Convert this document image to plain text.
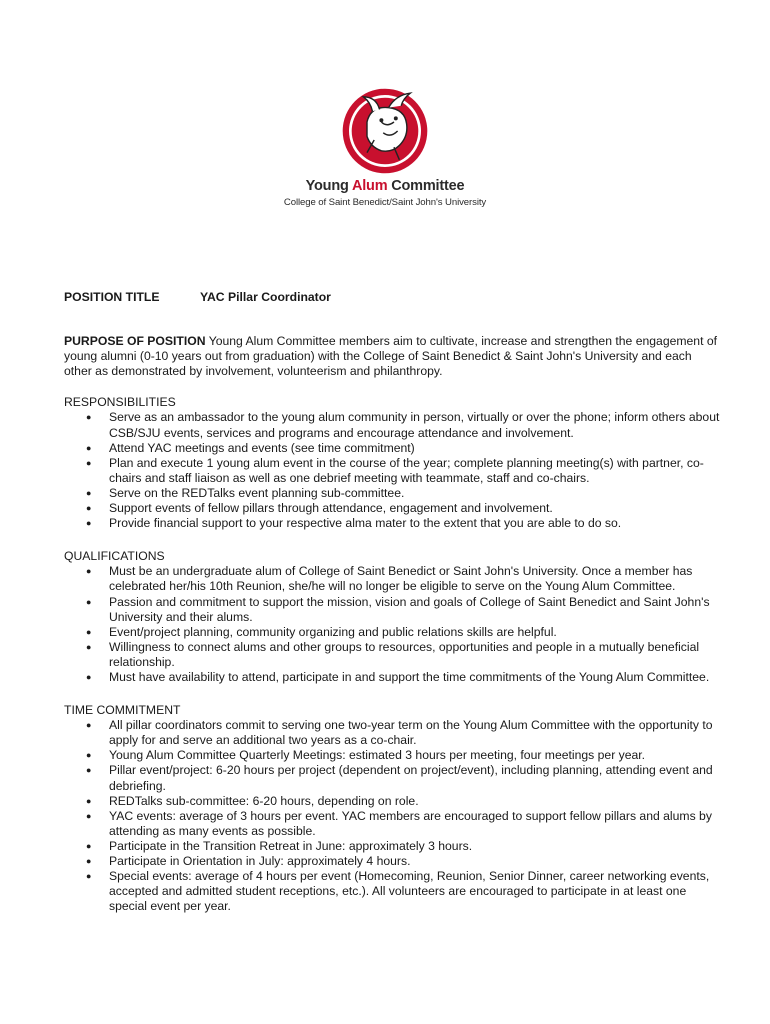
Young Alum Committee
College of Saint Benedict/Saint John's University
POSITION TITLE	YAC Pillar Coordinator
PURPOSE OF POSITION Young Alum Committee members aim to cultivate, increase and strengthen the engagement of young alumni (0-10 years out from graduation) with the College of Saint Benedict & Saint John's University and each other as demonstrated by involvement, volunteerism and philanthropy.
RESPONSIBILITIES
● Serve as an ambassador to the young alum community in person, virtually or over the phone; inform others about CSB/SJU events, services and programs and encourage attendance and involvement.
● Attend YAC meetings and events (see time commitment)
● Plan and execute 1 young alum event in the course of the year; complete planning meeting(s) with partner, co-chairs and staff liaison as well as one debrief meeting with teammate, staff and co-chairs.
● Serve on the REDTalks event planning sub-committee.
● Support events of fellow pillars through attendance, engagement and involvement.
● Provide financial support to your respective alma mater to the extent that you are able to do so.
QUALIFICATIONS
● Must be an undergraduate alum of College of Saint Benedict or Saint John's University. Once a member has celebrated her/his 10th Reunion, she/he will no longer be eligible to serve on the Young Alum Committee.
● Passion and commitment to support the mission, vision and goals of College of Saint Benedict and Saint John's University and their alums.
● Event/project planning, community organizing and public relations skills are helpful.
● Willingness to connect alums and other groups to resources, opportunities and people in a mutually beneficial relationship.
● Must have availability to attend, participate in and support the time commitments of the Young Alum Committee.
TIME COMMITMENT
● All pillar coordinators commit to serving one two-year term on the Young Alum Committee with the opportunity to apply for and serve an additional two years as a co-chair.
● Young Alum Committee Quarterly Meetings: estimated 3 hours per meeting, four meetings per year.
● Pillar event/project: 6-20 hours per project (dependent on project/event), including planning, attending event and debriefing.
● REDTalks sub-committee: 6-20 hours, depending on role.
● YAC events: average of 3 hours per event. YAC members are encouraged to support fellow pillars and alums by attending as many events as possible.
● Participate in the Transition Retreat in June: approximately 3 hours.
● Participate in Orientation in July: approximately 4 hours.
● Special events: average of 4 hours per event (Homecoming, Reunion, Senior Dinner, career networking events, accepted and admitted student receptions, etc.). All volunteers are encouraged to participate in at least one special event per year.
